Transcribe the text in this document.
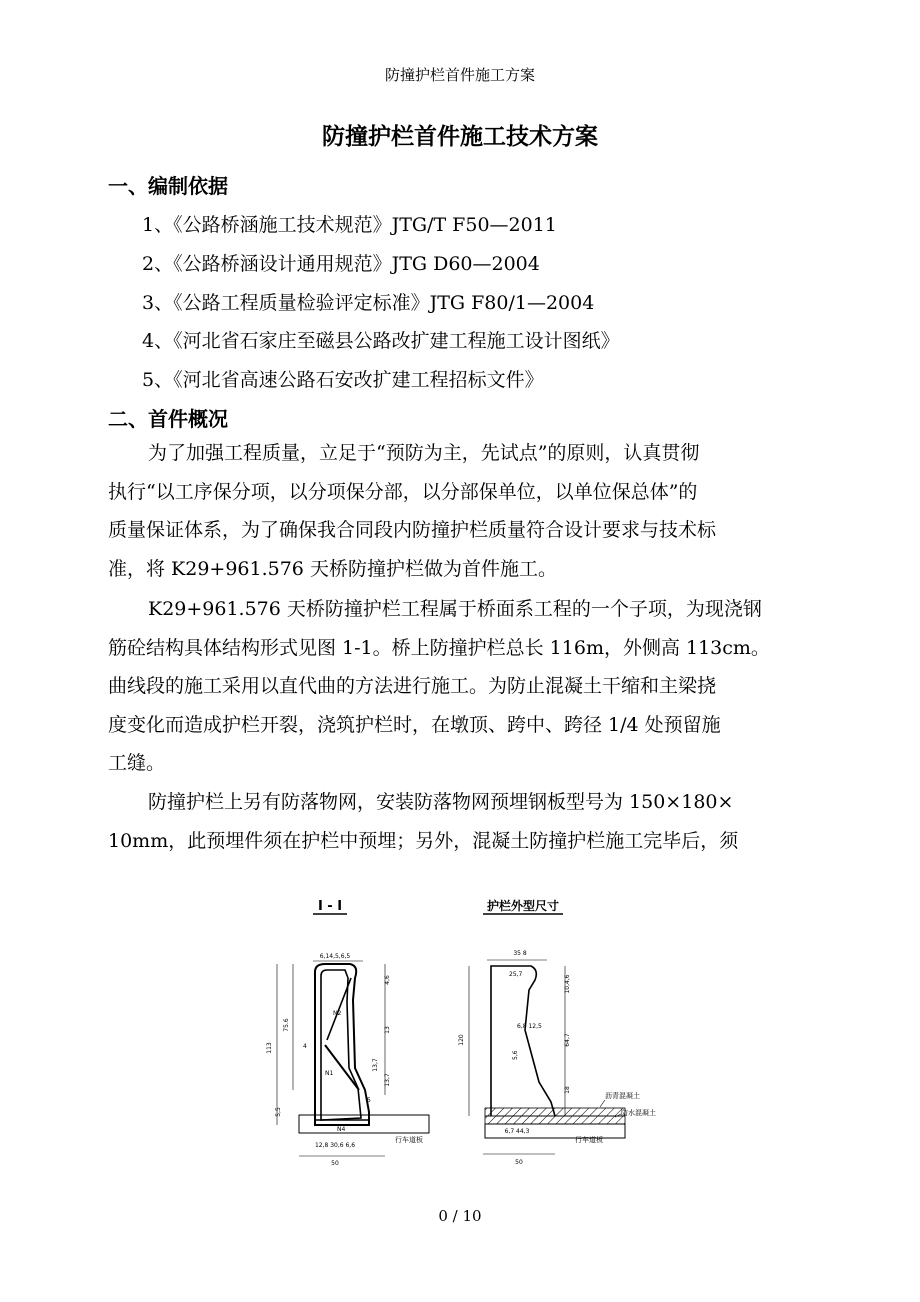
防撞护栏首件施工方案
防撞护栏首件施工技术方案
一、编制依据
1、《公路桥涵施工技术规范》JTG/T F50—2011
2、《公路桥涵设计通用规范》JTG D60—2004
3、《公路工程质量检验评定标准》JTG F80/1—2004
4、《河北省石家庄至磁县公路改扩建工程施工设计图纸》
5、《河北省高速公路石安改扩建工程招标文件》
二、首件概况
为了加强工程质量，立足于“预防为主，先试点”的原则，认真贯彻
执行“以工序保分项，以分项保分部，以分部保单位，以单位保总体”的
质量保证体系，为了确保我合同段内防撞护栏质量符合设计要求与技术标
准，将 K29+961.576 天桥防撞护栏做为首件施工。
K29+961.576 天桥防撞护栏工程属于桥面系工程的一个子项，为现浇钢
筋砼结构具体结构形式见图 1-1。桥上防撞护栏总长 116m，外侧高 113cm。
曲线段的施工采用以直代曲的方法进行施工。为防止混凝土干缩和主梁挠
度变化而造成护栏开裂，浇筑护栏时，在墩顶、跨中、跨径 1/4 处预留施
工缝。
防撞护栏上另有防落物网，安装防落物网预埋钢板型号为 150×180×
10mm，此预埋件须在护栏中预埋；另外，混凝土防撞护栏施工完毕后，须
I - I
6,14,5,6,5
N2
N1
113
75.6
4
5,5
4,6
13
13,7
13,7
5
N4
行车道板
12,8 30,6 6,6
50
护栏外型尺寸
35 8
25,7
6,8 12,5
5,6
120
10,4,6
64,7
18
沥青混凝土
防水混凝土
行车道板
6,7 44,3
50
0 / 10
